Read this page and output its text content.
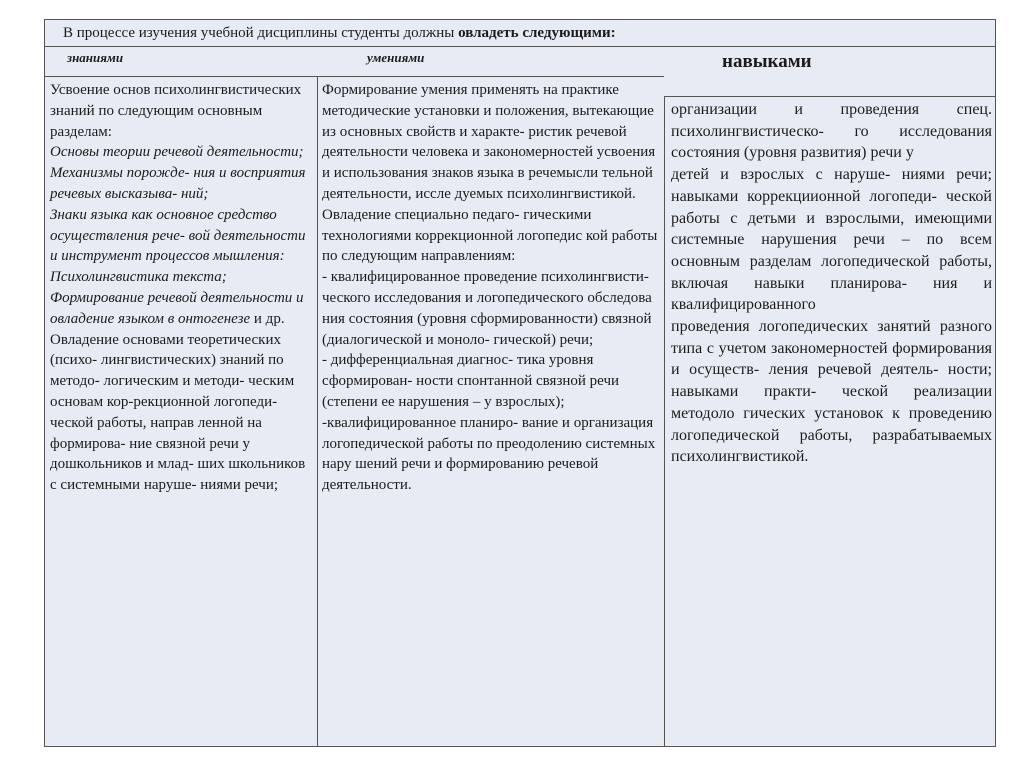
В процессе изучения учебной дисциплины студенты должны овладеть следующими:
знаниями	умениями	навыками

Усвоение основ психолингвистических знаний по следующим основным разделам:

Основы теории речевой деятельности;

Механизмы порожде- ния и восприятия речевых высказыва- ний;

Знаки языка как основное средство осуществления рече- вой деятельности и инструмент процессов мышления:

Психолингвистика текста;

Формирование речевой деятельности и овладение языком в онтогенезе и др.

Овладение основами теоретических (психо- лингвистических) знаний по методо- логическим и методи- ческим основам кор-рекционной логопеди- ческой работы, направ ленной на формирова- ние связной речи у дошкольников и млад- ших школьников с системными наруше- ниями речи;

Формирование умения применять на практике методические установки и положения, вытекающие из основных свойств и характе- ристик речевой деятельности человека и закономерностей усвоения и использования знаков языка в речемысли тельной деятельности, иссле дуемых психолингвистикой.

Овладение специально педаго- гическими технологиями коррекционной логопедис кой работы по следующим направлениям:

- квалифицированное проведение психолингвисти- ческого исследования и логопедического обследова ния состояния (уровня сформированности) связной (диалогической и моноло- гической) речи;

- дифференциальная диагнос- тика уровня сформирован- ности спонтанной связной речи (степени ее нарушения – у взрослых);

-квалифицированное планиро- вание и организация логопедической работы по преодолению системных нару шений речи и формированию речевой деятельности.

организации и проведения спец. психолингвистическо- го исследования состояния (уровня развития) речи у

детей и взрослых с наруше- ниями речи; навыками коррекциионной логопеди- ческой работы с детьми и взрослыми, имеющими системные нарушения речи – по всем основным разделам логопедической работы, включая навыки планирова- ния и квалифицированного

проведения логопедических занятий разного типа с учетом закономерностей формирования и осуществ- ления речевой деятель- ности; навыками практи- ческой реализации методоло гических установок к проведению логопедической работы, разрабатываемых психолингвистикой.
